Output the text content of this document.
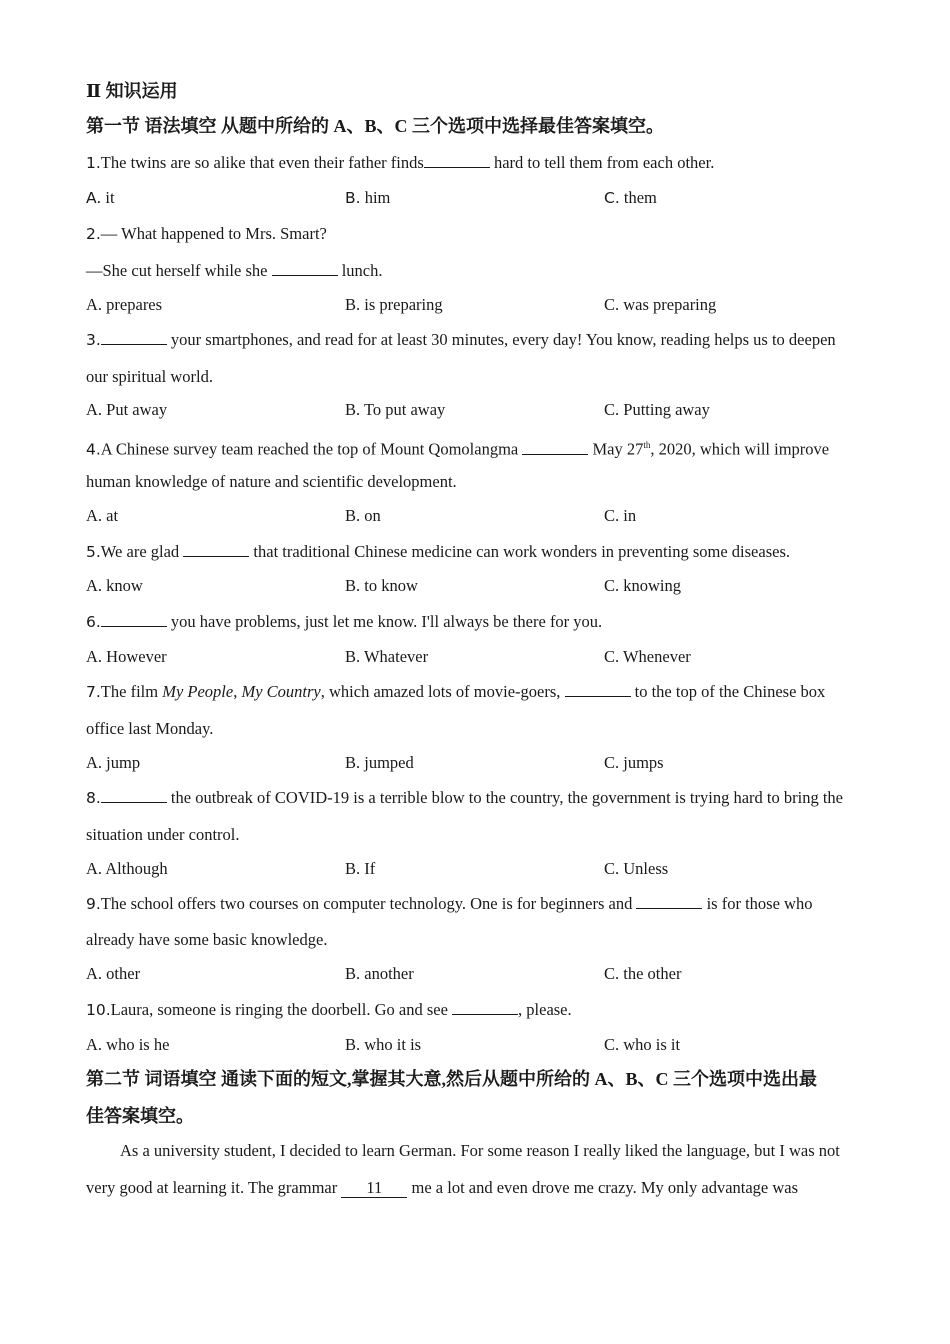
Ⅱ 知识运用
第一节 语法填空 从题中所给的 A、B、C 三个选项中选择最佳答案填空。
1.The twins are so alike that even their father finds	hard to tell them from each other.
A. it	B. him	C. them
2.— What happened to Mrs. Smart?
—She cut herself while she	lunch.
A. prepares	B. is preparing	C. was preparing
3.	your smartphones, and read for at least 30 minutes, every day! You know, reading helps us to deepen
our spiritual world.
A. Put away	B. To put away	C. Putting away
4.A Chinese survey team reached the top of Mount Qomolangma	May 27th, 2020, which will improve
human knowledge of nature and scientific development.
A. at	B. on	C. in
5.We are glad	that traditional Chinese medicine can work wonders in preventing some diseases.
A. know	B. to know	C. knowing
6.	you have problems, just let me know. I'll always be there for you.
A. However	B. Whatever	C. Whenever
7.The film My People, My Country, which amazed lots of movie-goers,	to the top of the Chinese box
office last Monday.
A. jump	B. jumped	C. jumps
8.	the outbreak of COVID-19 is a terrible blow to the country, the government is trying hard to bring the
situation under control.
A. Although	B. If	C. Unless
9.The school offers two courses on computer technology. One is for beginners and	is for those who
already have some basic knowledge.
A. other	B. another	C. the other
10.Laura, someone is ringing the doorbell. Go and see	, please.
A. who is he	B. who it is	C. who is it
第二节 词语填空 通读下面的短文,掌握其大意,然后从题中所给的 A、B、C 三个选项中选出最
佳答案填空。
As a university student, I decided to learn German. For some reason I really liked the language, but I was not
very good at learning it. The grammar 11 me a lot and even drove me crazy. My only advantage was
